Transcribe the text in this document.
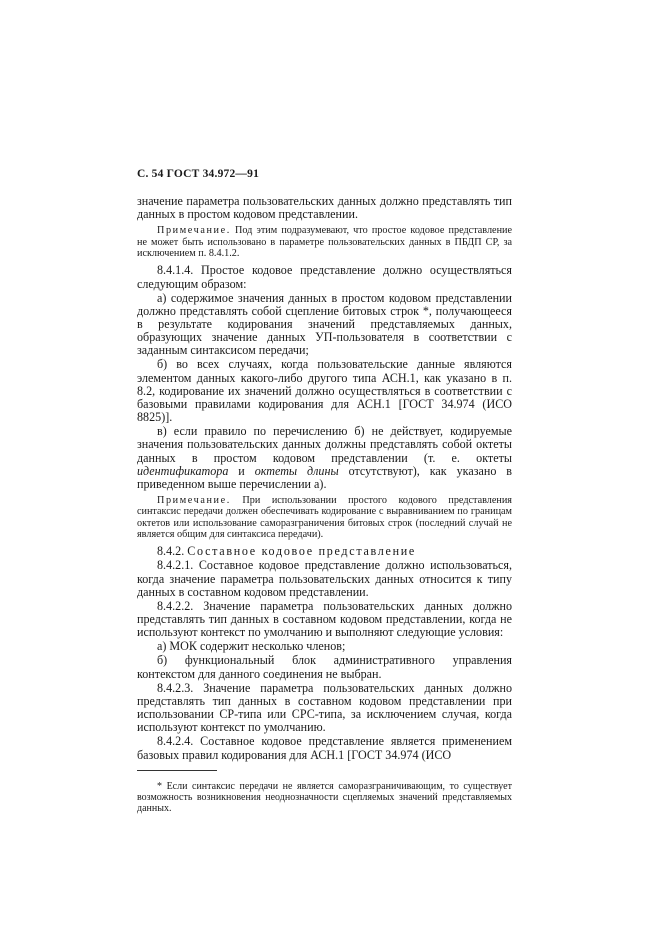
С. 54 ГОСТ 34.972—91

значение параметра пользовательских данных должно представлять тип данных в простом кодовом представлении.

Примечание. Под этим подразумевают, что простое кодовое представление не может быть использовано в параметре пользовательских данных в ПБДП СР, за исключением п. 8.4.1.2.

8.4.1.4. Простое кодовое представление должно осуществляться следующим образом:

а) содержимое значения данных в простом кодовом представлении должно представлять собой сцепление битовых строк *, получающееся в результате кодирования значений представляемых данных, образующих значение данных УП-пользователя в соответствии с заданным синтаксисом передачи;

б) во всех случаях, когда пользовательские данные являются элементом данных какого-либо другого типа АСН.1, как указано в п. 8.2, кодирование их значений должно осуществляться в соответствии с базовыми правилами кодирования для АСН.1 [ГОСТ 34.974 (ИСО 8825)].

в) если правило по перечислению б) не действует, кодируемые значения пользовательских данных должны представлять собой октеты данных в простом кодовом представлении (т. е. октеты идентификатора и октеты длины отсутствуют), как указано в приведенном выше перечислении а).

Примечание. При использовании простого кодового представления синтаксис передачи должен обеспечивать кодирование с выравниванием по границам октетов или использование саморазграничения битовых строк (последний случай не является общим для синтаксиса передачи).

8.4.2. Составное кодовое представление

8.4.2.1. Составное кодовое представление должно использоваться, когда значение параметра пользовательских данных относится к типу данных в составном кодовом представлении.

8.4.2.2. Значение параметра пользовательских данных должно представлять тип данных в составном кодовом представлении, когда не используют контекст по умолчанию и выполняют следующие условия:

а) МОК содержит несколько членов;

б) функциональный блок административного управления контекстом для данного соединения не выбран.

8.4.2.3. Значение параметра пользовательских данных должно представлять тип данных в составном кодовом представлении при использовании СР-типа или СРС-типа, за исключением случая, когда используют контекст по умолчанию.

8.4.2.4. Составное кодовое представление является применением базовых правил кодирования для АСН.1 [ГОСТ 34.974 (ИСО

* Если синтаксис передачи не является саморазграничивающим, то существует возможность возникновения неоднозначности сцепляемых значений представляемых данных.
